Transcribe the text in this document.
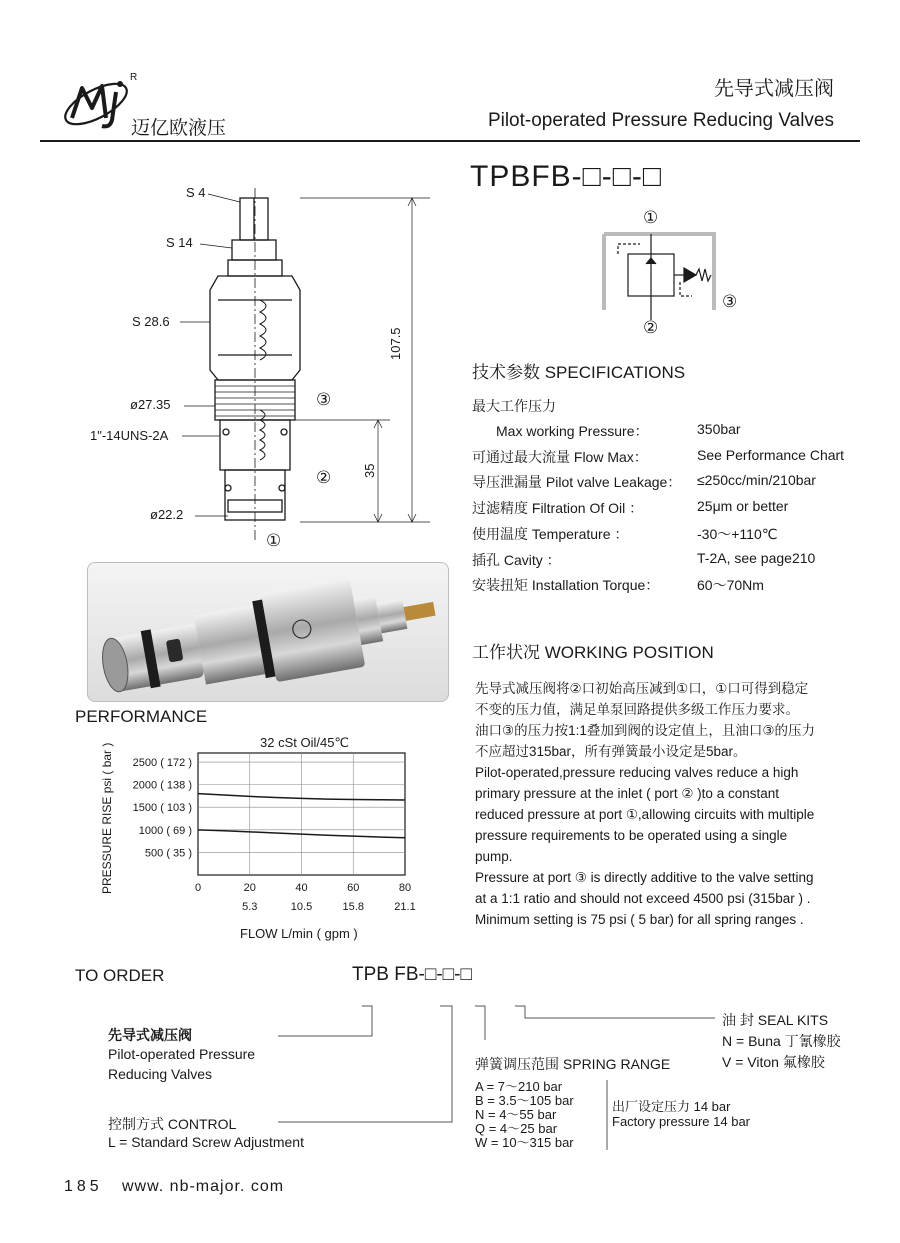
R
迈亿欧液压
先导式减压阀
Pilot-operated Pressure Reducing Valves
TPBFB-□-□-□
S 4
S 14
S 28.6
ø27.35
1"-14UNS-2A
ø22.2
107.5
35
③
②
①
①
②
③
技术参数 SPECIFICATIONS
最大工作压力
Max working Pressure：	350bar
可通过最大流量 Flow Max：	See Performance Chart
导压泄漏量 Pilot valve Leakage： ≤250cc/min/210bar
过滤精度 Filtration Of Oil ：	25μm or better
使用温度 Temperature ：	-30～+110℃
插孔 Cavity ：	T-2A, see page210
安装扭矩 Installation Torque：	60～70Nm
PERFORMANCE
32 cSt Oil/45℃
PRESSURE RISE psi ( bar )
FLOW L/min ( gpm )
2500 ( 172 )
2000 ( 138 )
1500 ( 103 )
1000 ( 69 )
500 ( 35 )
0	20	40	60	80
5.3	10.5	15.8	21.1
工作状况 WORKING POSITION
先导式减压阀将②口初始高压减到①口，①口可得到稳定不变的压力值，满足单泵回路提供多级工作压力要求。
油口③的压力按1:1叠加到阀的设定值上，且油口③的压力不应超过315bar，所有弹簧最小设定是5bar。
Pilot-operated,pressure reducing valves reduce a high primary pressure at the inlet ( port ② )to a constant reduced pressure at port ①,allowing circuits with multiple pressure requirements to be operated using a single pump.
Pressure at port ③ is directly additive to the valve setting at a 1:1 ratio and should not exceed 4500 psi (315bar ) . Minimum setting is 75 psi ( 5 bar) for all spring ranges .
TO ORDER	TPB FB-□-□-□
先导式减压阀
Pilot-operated Pressure
Reducing Valves
控制方式 CONTROL
L = Standard Screw Adjustment
弹簧调压范围 SPRING RANGE
A = 7～210 bar
B = 3.5～105 bar
N = 4～55 bar
Q = 4～25 bar
W = 10～315 bar
出厂设定压力 14 bar
Factory pressure 14 bar
油 封 SEAL KITS
N = Buna 丁氰橡胶
V = Viton 氟橡胶
185 www. nb-major. com
